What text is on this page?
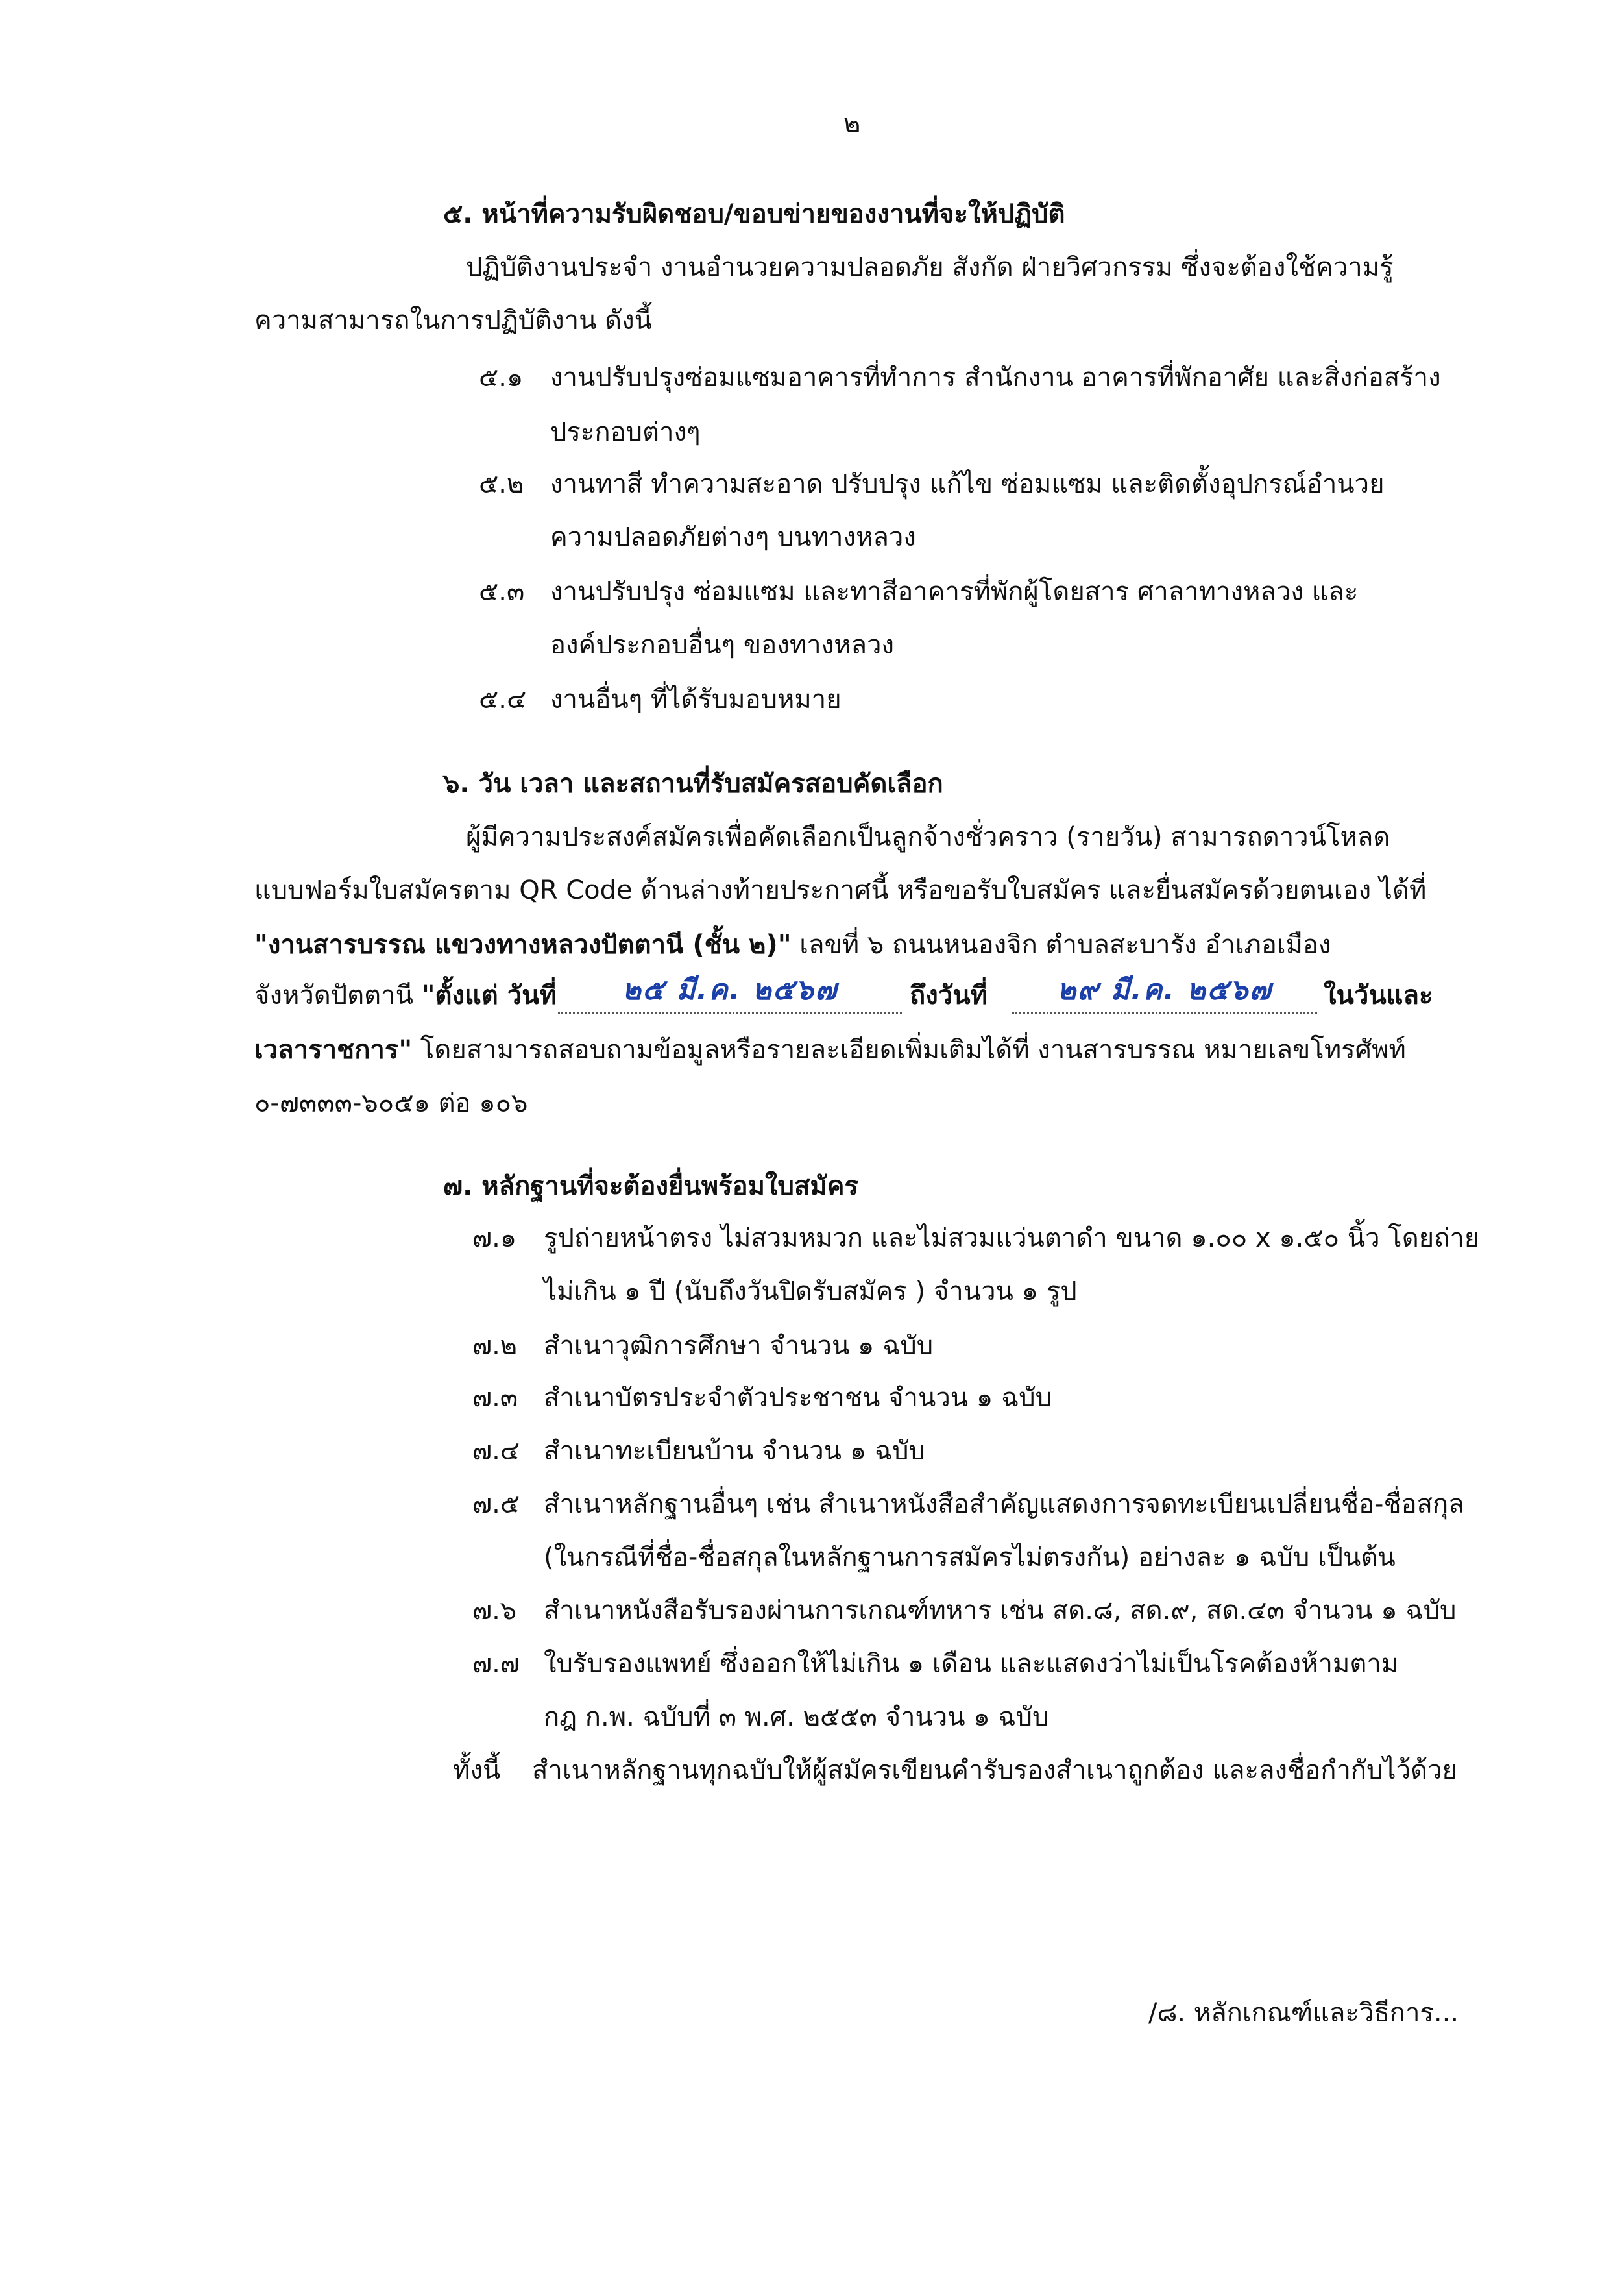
๒
๕. หน้าที่ความรับผิดชอบ/ขอบข่ายของงานที่จะให้ปฏิบัติ
ปฏิบัติงานประจำ งานอำนวยความปลอดภัย สังกัด ฝ่ายวิศวกรรม ซึ่งจะต้องใช้ความรู้
ความสามารถในการปฏิบัติงาน ดังนี้
๕.๑ งานปรับปรุงซ่อมแซมอาคารที่ทำการ สำนักงาน อาคารที่พักอาศัย และสิ่งก่อสร้าง
ประกอบต่างๆ
๕.๒ งานทาสี ทำความสะอาด ปรับปรุง แก้ไข ซ่อมแซม และติดตั้งอุปกรณ์อำนวย
ความปลอดภัยต่างๆ บนทางหลวง
๕.๓ งานปรับปรุง ซ่อมแซม และทาสีอาคารที่พักผู้โดยสาร ศาลาทางหลวง และ
องค์ประกอบอื่นๆ ของทางหลวง
๕.๔ งานอื่นๆ ที่ได้รับมอบหมาย
๖. วัน เวลา และสถานที่รับสมัครสอบคัดเลือก
ผู้มีความประสงค์สมัครเพื่อคัดเลือกเป็นลูกจ้างชั่วคราว (รายวัน) สามารถดาวน์โหลด
แบบฟอร์มใบสมัครตาม QR Code ด้านล่างท้ายประกาศนี้ หรือขอรับใบสมัคร และยื่นสมัครด้วยตนเอง ได้ที่
"งานสารบรรณ แขวงทางหลวงปัตตานี (ชั้น ๒)" เลขที่ ๖ ถนนหนองจิก ตำบลสะบารัง อำเภอเมือง
จังหวัดปัตตานี "ตั้งแต่ วันที่	๒๕ มี.ค. ๒๕๖๗	ถึงวันที่	๒๙ มี.ค. ๒๕๖๗	ในวันและ
เวลาราชการ" โดยสามารถสอบถามข้อมูลหรือรายละเอียดเพิ่มเติมได้ที่ งานสารบรรณ หมายเลขโทรศัพท์
๐-๗๓๓๓-๖๐๕๑ ต่อ ๑๐๖
๗. หลักฐานที่จะต้องยื่นพร้อมใบสมัคร
๗.๑ รูปถ่ายหน้าตรง ไม่สวมหมวก และไม่สวมแว่นตาดำ ขนาด ๑.๐๐ x ๑.๕๐ นิ้ว โดยถ่าย
ไม่เกิน ๑ ปี (นับถึงวันปิดรับสมัคร ) จำนวน ๑ รูป
๗.๒ สำเนาวุฒิการศึกษา จำนวน ๑ ฉบับ
๗.๓ สำเนาบัตรประจำตัวประชาชน จำนวน ๑ ฉบับ
๗.๔ สำเนาทะเบียนบ้าน จำนวน ๑ ฉบับ
๗.๕ สำเนาหลักฐานอื่นๆ เช่น สำเนาหนังสือสำคัญแสดงการจดทะเบียนเปลี่ยนชื่อ-ชื่อสกุล
(ในกรณีที่ชื่อ-ชื่อสกุลในหลักฐานการสมัครไม่ตรงกัน) อย่างละ ๑ ฉบับ เป็นต้น
๗.๖ สำเนาหนังสือรับรองผ่านการเกณฑ์ทหาร เช่น สด.๘, สด.๙, สด.๔๓ จำนวน ๑ ฉบับ
๗.๗ ใบรับรองแพทย์ ซึ่งออกให้ไม่เกิน ๑ เดือน และแสดงว่าไม่เป็นโรคต้องห้ามตาม
กฎ ก.พ. ฉบับที่ ๓ พ.ศ. ๒๕๕๓ จำนวน ๑ ฉบับ
ทั้งนี้ สำเนาหลักฐานทุกฉบับให้ผู้สมัครเขียนคำรับรองสำเนาถูกต้อง และลงชื่อกำกับไว้ด้วย
/๘. หลักเกณฑ์และวิธีการ...
